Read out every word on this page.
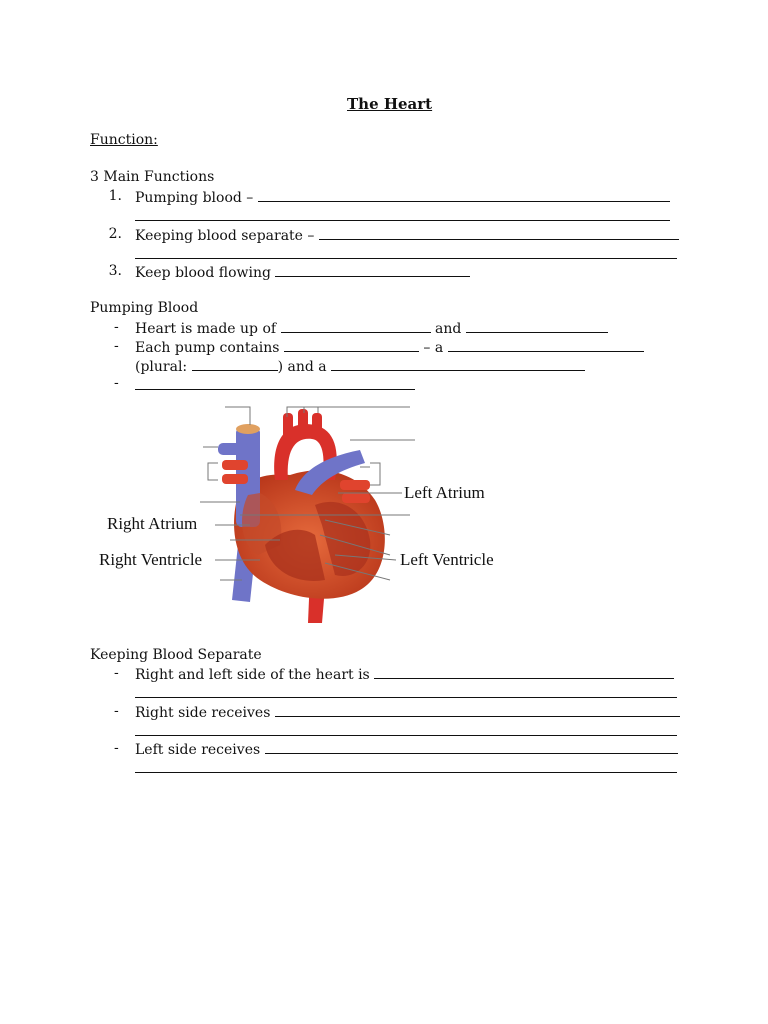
The Heart
Function:
3 Main Functions
1. Pumping blood –
2. Keeping blood separate –
3. Keep blood flowing
Pumping Blood
- Heart is made up of	and
- Each pump contains	– a
(plural:	) and a
-
Left Atrium
Right Atrium
Right Ventricle	Left Ventricle
Keeping Blood Separate
- Right and left side of the heart is
- Right side receives
- Left side receives
